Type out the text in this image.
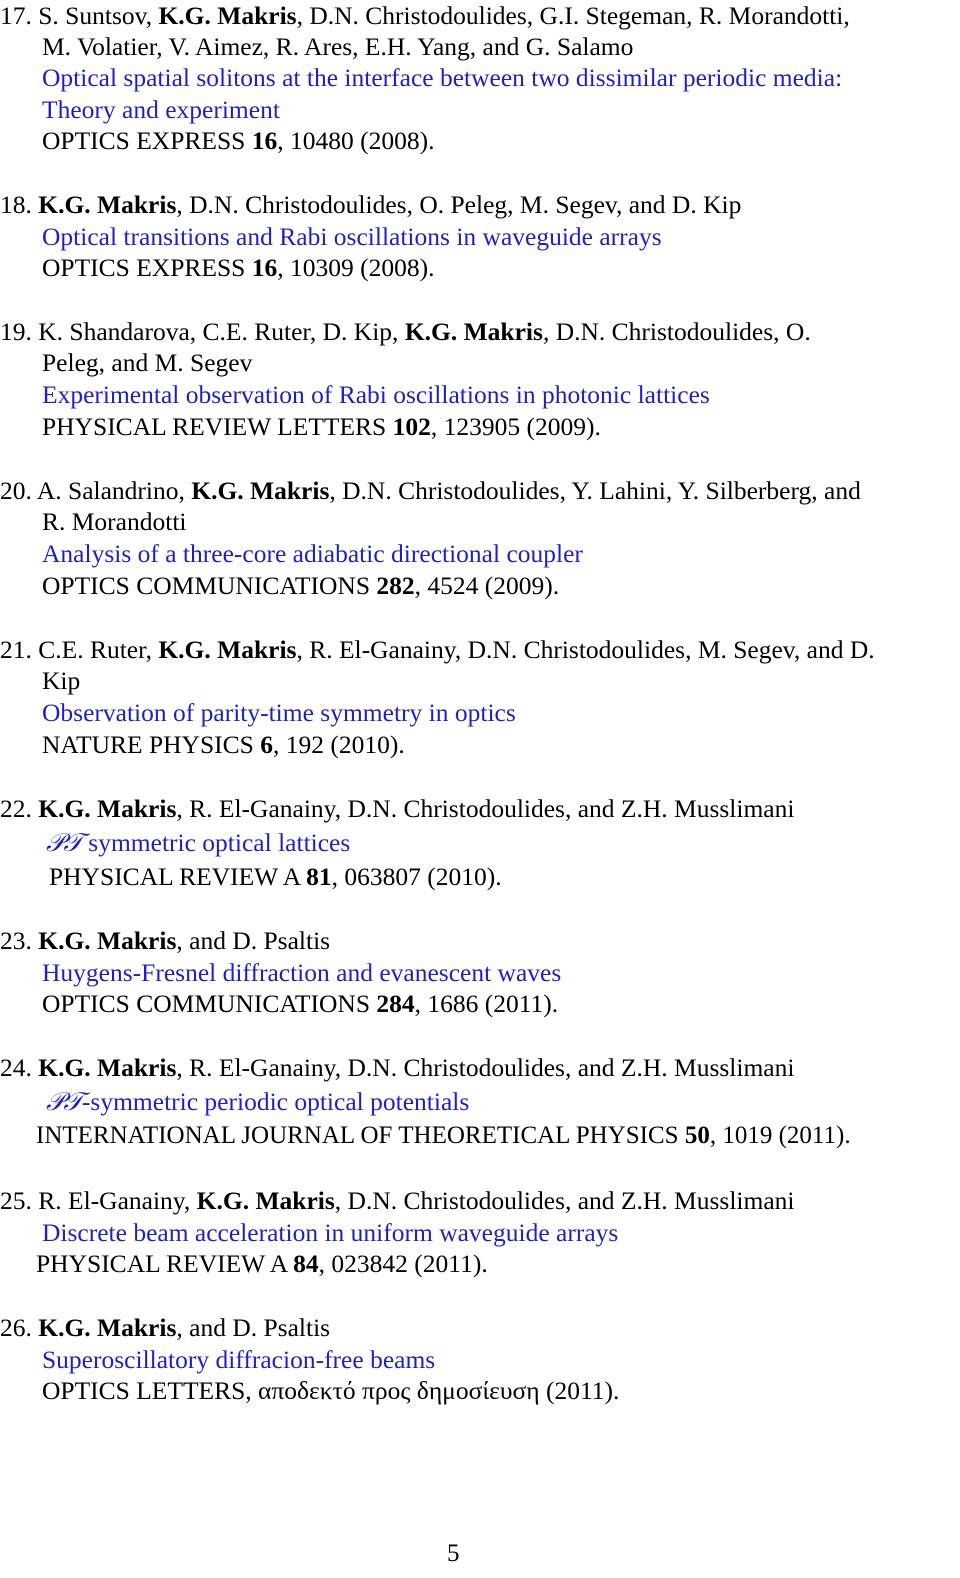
17. S. Suntsov, K.G. Makris, D.N. Christodoulides, G.I. Stegeman, R. Morandotti,
M. Volatier, V. Aimez, R. Ares, E.H. Yang, and G. Salamo
Optical spatial solitons at the interface between two dissimilar periodic media:
Theory and experiment
OPTICS EXPRESS 16, 10480 (2008).
18. K.G. Makris, D.N. Christodoulides, O. Peleg, M. Segev, and D. Kip
Optical transitions and Rabi oscillations in waveguide arrays
OPTICS EXPRESS 16, 10309 (2008).
19. K. Shandarova, C.E. Ruter, D. Kip, K.G. Makris, D.N. Christodoulides, O.
Peleg, and M. Segev
Experimental observation of Rabi oscillations in photonic lattices
PHYSICAL REVIEW LETTERS 102, 123905 (2009).
20. A. Salandrino, K.G. Makris, D.N. Christodoulides, Y. Lahini, Y. Silberberg, and
R. Morandotti
Analysis of a three-core adiabatic directional coupler
OPTICS COMMUNICATIONS 282, 4524 (2009).
21. C.E. Ruter, K.G. Makris, R. El-Ganainy, D.N. Christodoulides, M. Segev, and D.
Kip
Observation of parity-time symmetry in optics
NATURE PHYSICS 6, 192 (2010).
22. K.G. Makris, R. El-Ganainy, D.N. Christodoulides, and Z.H. Musslimani
𝒫𝒯 symmetric optical lattices
PHYSICAL REVIEW A 81, 063807 (2010).
23. K.G. Makris, and D. Psaltis
Huygens-Fresnel diffraction and evanescent waves
OPTICS COMMUNICATIONS 284, 1686 (2011).
24. K.G. Makris, R. El-Ganainy, D.N. Christodoulides, and Z.H. Musslimani
𝒫𝒯-symmetric periodic optical potentials
INTERNATIONAL JOURNAL OF THEORETICAL PHYSICS 50, 1019 (2011).
25. R. El-Ganainy, K.G. Makris, D.N. Christodoulides, and Z.H. Musslimani
Discrete beam acceleration in uniform waveguide arrays
PHYSICAL REVIEW A 84, 023842 (2011).
26. K.G. Makris, and D. Psaltis
Superoscillatory diffracion-free beams
OPTICS LETTERS, αποδεκτό προς δημοσίευση (2011).
5
